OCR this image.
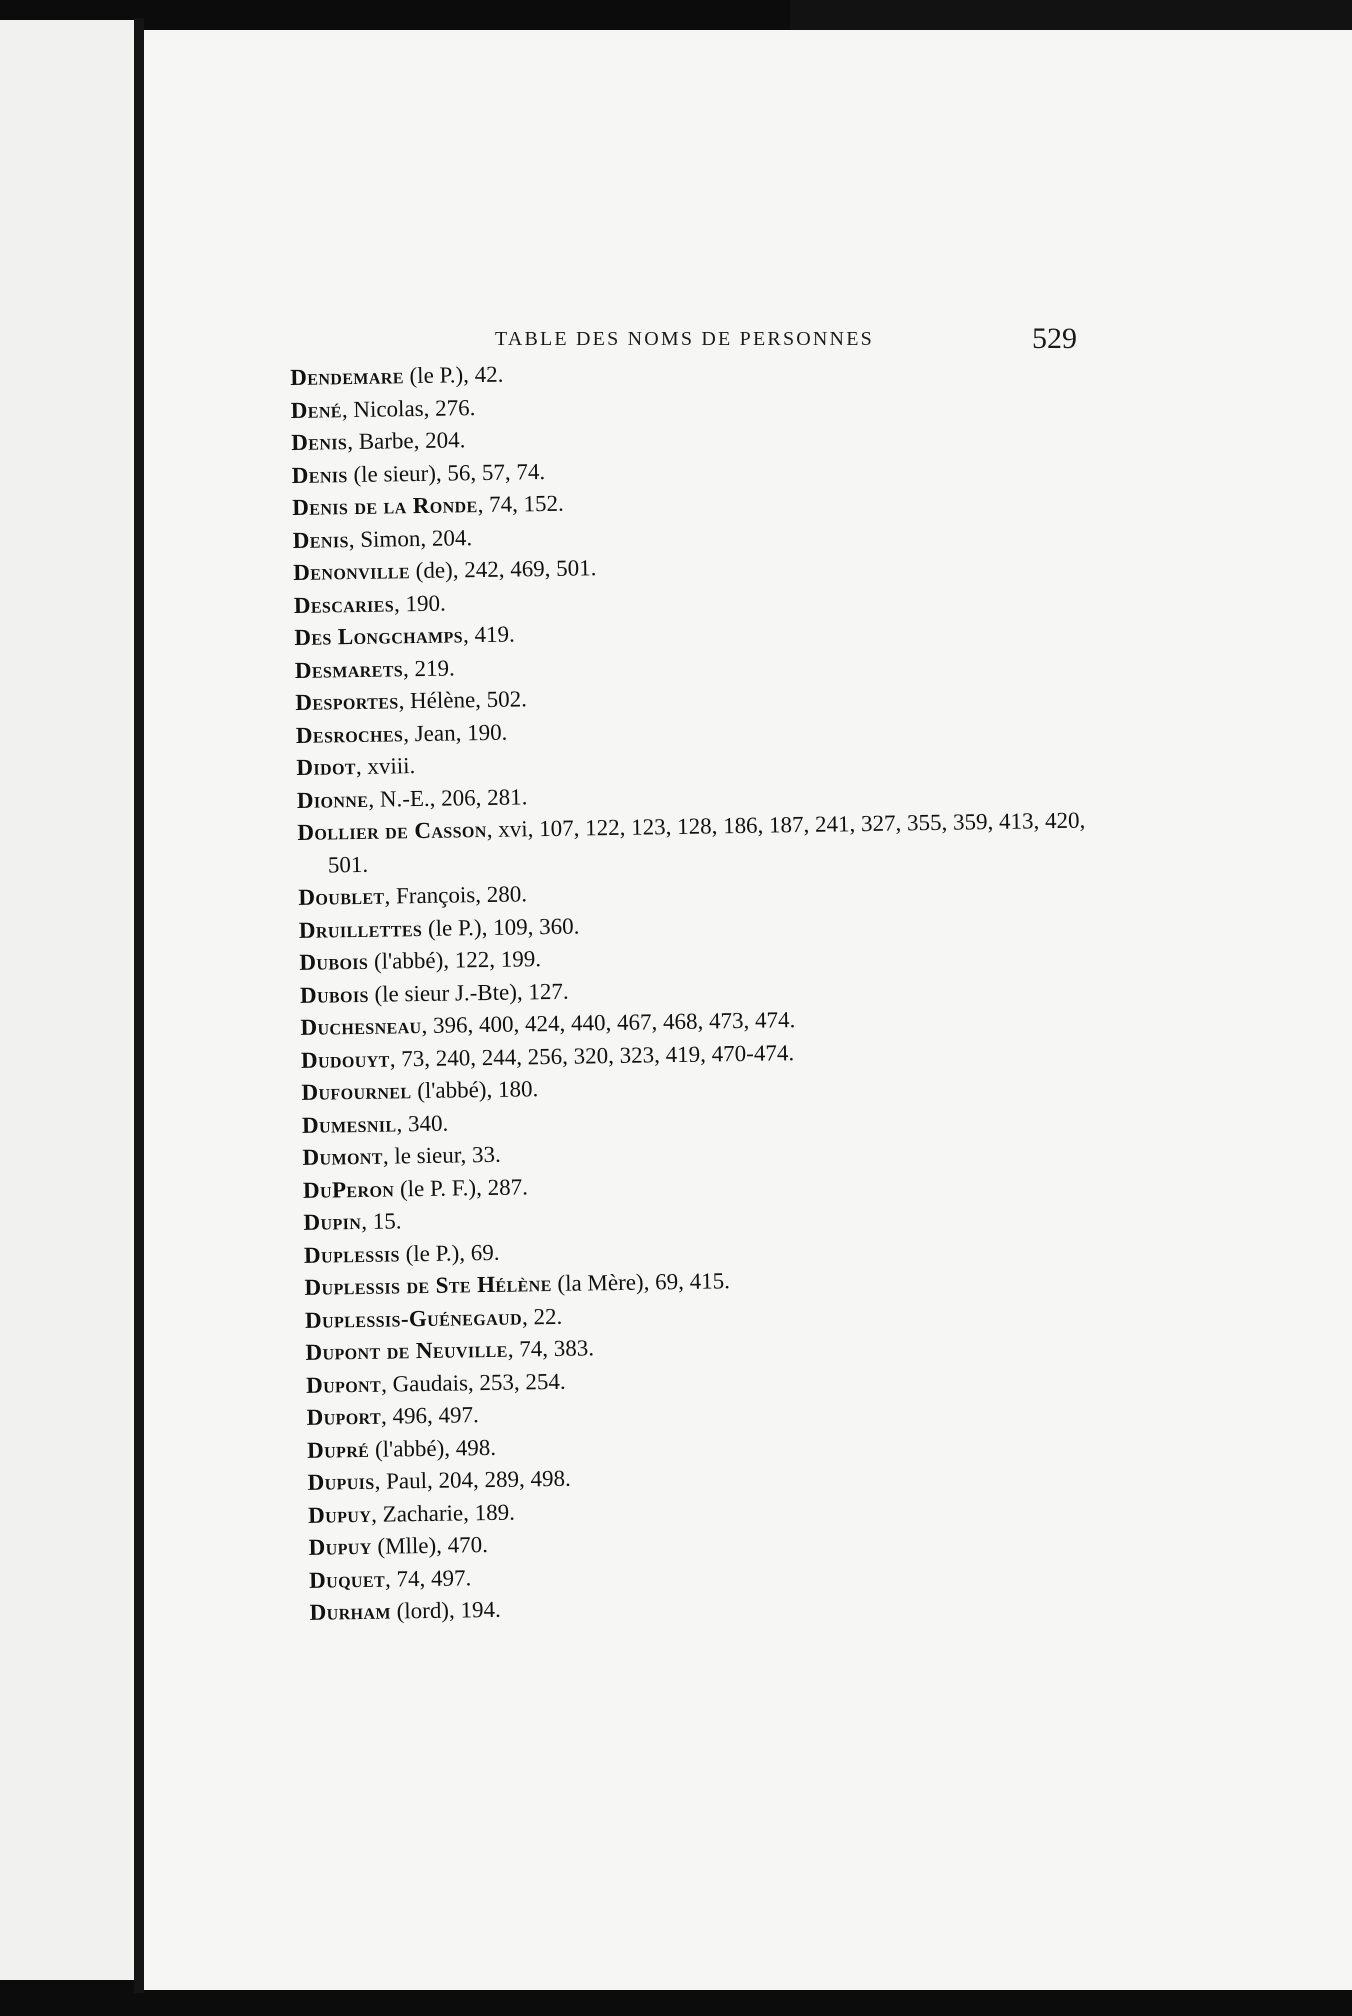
TABLE DES NOMS DE PERSONNES	529
Dendemare (le P.), 42.
Dené, Nicolas, 276.
Denis, Barbe, 204.
Denis (le sieur), 56, 57, 74.
Denis de la Ronde, 74, 152.
Denis, Simon, 204.
Denonville (de), 242, 469, 501.
Descaries, 190.
Des Longchamps, 419.
Desmarets, 219.
Desportes, Hélène, 502.
Desroches, Jean, 190.
Didot, xviii.
Dionne, N.-E., 206, 281.
Dollier de Casson, xvi, 107, 122, 123, 128, 186, 187, 241, 327, 355, 359, 413, 420, 501.
Doublet, François, 280.
Druillettes (le P.), 109, 360.
Dubois (l'abbé), 122, 199.
Dubois (le sieur J.-Bte), 127.
Duchesneau, 396, 400, 424, 440, 467, 468, 473, 474.
Dudouyt, 73, 240, 244, 256, 320, 323, 419, 470-474.
Dufournel (l'abbé), 180.
Dumesnil, 340.
Dumont, le sieur, 33.
DuPeron (le P. F.), 287.
Dupin, 15.
Duplessis (le P.), 69.
Duplessis de Ste Hélène (la Mère), 69, 415.
Duplessis-Guénegaud, 22.
Dupont de Neuville, 74, 383.
Dupont, Gaudais, 253, 254.
Duport, 496, 497.
Dupré (l'abbé), 498.
Dupuis, Paul, 204, 289, 498.
Dupuy, Zacharie, 189.
Dupuy (Mlle), 470.
Duquet, 74, 497.
Durham (lord), 194.
